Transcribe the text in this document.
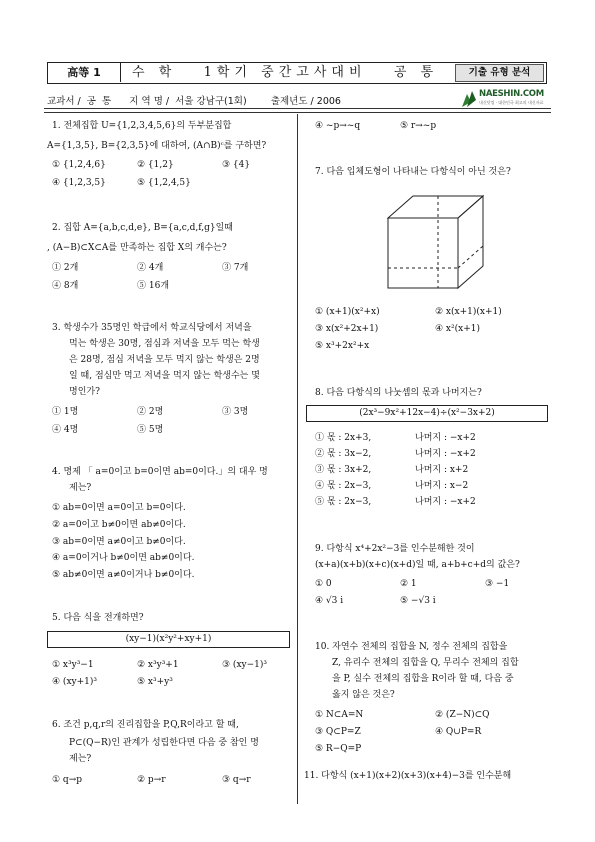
高等 1	수 학   1학기 중간고사대비   공 통	기출 유형 분석
교과서 /  공  통      지 역 명 /  서울 강남구(1회)        출제년도 / 2006
NAESHIN.COM
내신닷컴 · 대한민국 최고의 내신자료
1. 전체집합 U={1,2,3,4,5,6}의 두부분집합
A={1,3,5}, B={2,3,5}에 대하여, (A∩B)ᶜ를 구하면?
① {1,2,4,6}	② {1,2}	③ {4}
④ {1,2,3,5}	⑤ {1,2,4,5}
2. 집합 A={a,b,c,d,e}, B={a,c,d,f,g}일때
, (A−B)⊂X⊂A를 만족하는 집합 X의 개수는?
① 2개	② 4개	③ 7개
④ 8개	⑤ 16개
3. 학생수가 35명인 학급에서 학교식당에서 저녁을
먹는 학생은 30명, 점심과 저녁을 모두 먹는 학생
은 28명, 점심 저녁을 모두 먹지 않는 학생은 2명
일 때, 점심만 먹고 저녁을 먹지 않는 학생수는 몇
명인가?
① 1명	② 2명	③ 3명
④ 4명	⑤ 5명
4. 명제 「 a=0이고 b=0이면 ab=0이다.」의 대우 명
제는?
① ab=0이면 a=0이고 b=0이다.
② a=0이고 b≠0이면 ab≠0이다.
③ ab=0이면 a≠0이고 b≠0이다.
④ a=0이거나 b≠0이면 ab≠0이다.
⑤ ab≠0이면 a≠0이거나 b≠0이다.
5. 다음 식을 전개하면?
① x³y³−1	② x³y³+1	③ (xy−1)³
④ (xy+1)³	⑤ x³+y³
6. 조건 p,q,r의 진리집합을 P,Q,R이라고 할 때,
P⊂(Q−R)인 관계가 성립한다면 다음 중 참인 명
제는?
① q→p	② p→r	③ q→r
④ ~p→~q	⑤ r→~p
7. 다음 입체도형이 나타내는 다항식이 아닌 것은?
① (x+1)(x²+x)	② x(x+1)(x+1)
③ x(x²+2x+1)	④ x²(x+1)
⑤ x³+2x²+x
8. 다음 다항식의 나눗셈의 몫과 나머지는?
① 몫 : 2x+3,	나머지 : −x+2
② 몫 : 3x−2,	나머지 : −x+2
③ 몫 : 3x+2,	나머지 : x+2
④ 몫 : 2x−3,	나머지 : x−2
⑤ 몫 : 2x−3,	나머지 : −x+2
9. 다항식 x⁴+2x²−3를 인수분해한 것이
(x+a)(x+b)(x+c)(x+d)일 때, a+b+c+d의 값은?
① 0	② 1	③ −1
④ √3 i	⑤ −√3 i
10. 자연수 전체의 집합을 N, 정수 전체의 집합을
Z, 유리수 전체의 집합을 Q, 무리수 전체의 집합
을 P, 실수 전체의 집합을 R이라 할 때, 다음 중
옳지 않은 것은?
① N⊂A=N	② (Z−N)⊂Q
③ Q⊂P=Z	④ Q∪P=R
⑤ R−Q=P
11. 다항식 (x+1)(x+2)(x+3)(x+4)−3를 인수분해
(xy−1)(x²y²+xy+1)
(2x³−9x²+12x−4)÷(x²−3x+2)
